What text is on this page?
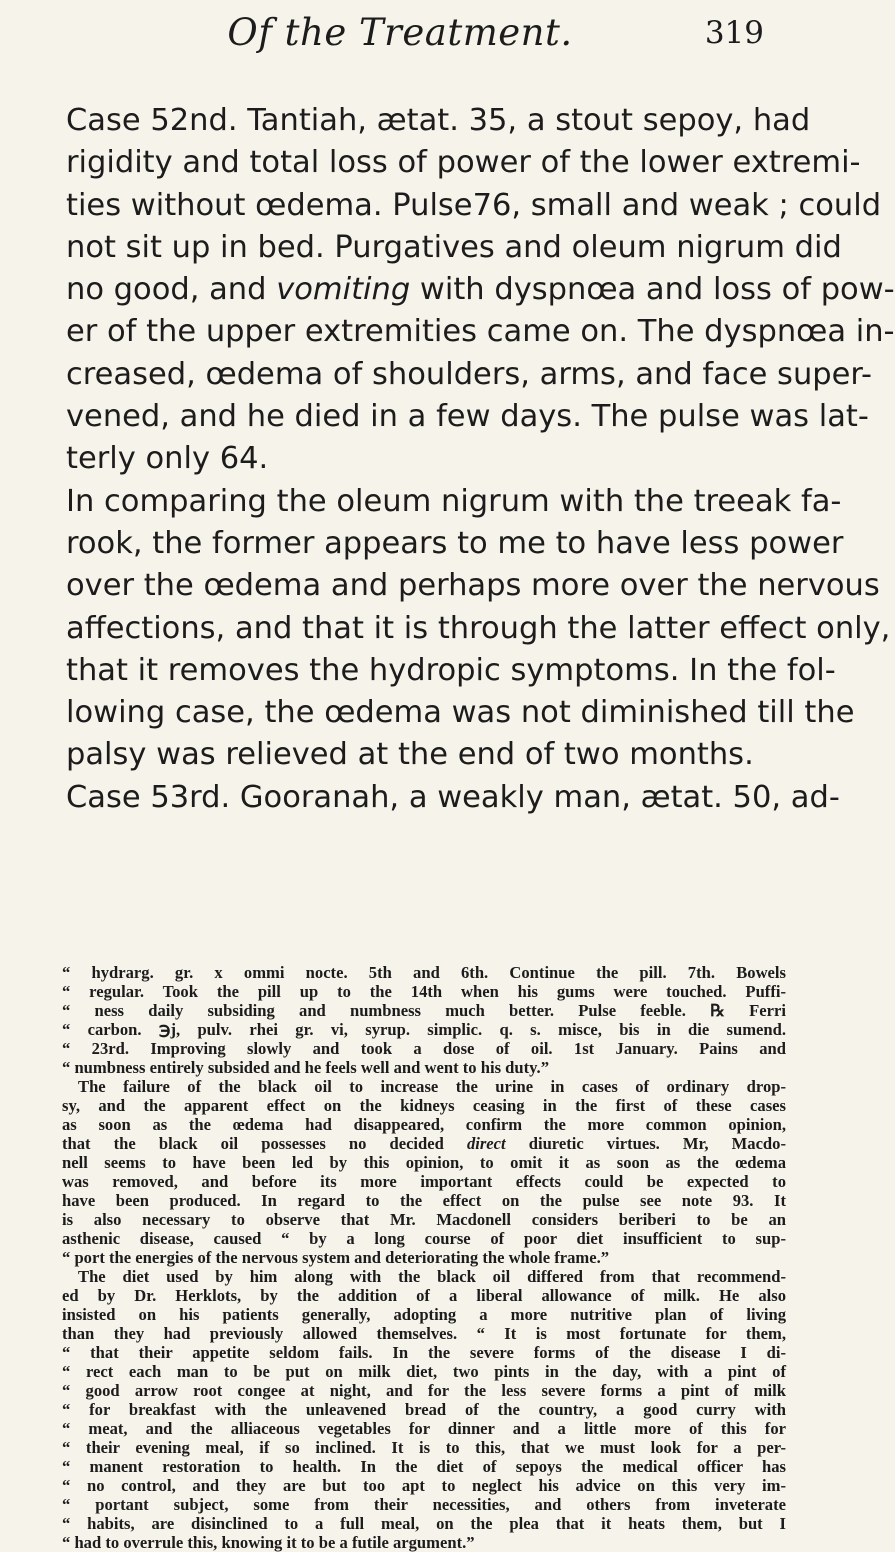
Of the Treatment.	319
Case 52nd. Tantiah, ætat. 35, a stout sepoy, had
rigidity and total loss of power of the lower extremi-
ties without œdema. Pulse76, small and weak ; could
not sit up in bed. Purgatives and oleum nigrum did
no good, and vomiting with dyspnœa and loss of pow-
er of the upper extremities came on. The dyspnœa in-
creased, œdema of shoulders, arms, and face super-
vened, and he died in a few days. The pulse was lat-
terly only 64.
In comparing the oleum nigrum with the treeak fa-
rook, the former appears to me to have less power
over the œdema and perhaps more over the nervous
affections, and that it is through the latter effect only,
that it removes the hydropic symptoms. In the fol-
lowing case, the œdema was not diminished till the
palsy was relieved at the end of two months.
Case 53rd. Gooranah, a weakly man, ætat. 50, ad-
“ hydrarg. gr. x ommi nocte. 5th and 6th. Continue the pill. 7th. Bowels
“ regular. Took the pill up to the 14th when his gums were touched. Puffi-
“ ness daily subsiding and numbness much better. Pulse feeble. ℞ Ferri
“ carbon. ℈j, pulv. rhei gr. vi, syrup. simplic. q. s. misce, bis in die sumend.
“ 23rd. Improving slowly and took a dose of oil. 1st January. Pains and
“ numbness entirely subsided and he feels well and went to his duty.”
The failure of the black oil to increase the urine in cases of ordinary drop-
sy, and the apparent effect on the kidneys ceasing in the first of these cases
as soon as the œdema had disappeared, confirm the more common opinion,
that the black oil possesses no decided direct diuretic virtues. Mr, Macdo-
nell seems to have been led by this opinion, to omit it as soon as the œdema
was removed, and before its more important effects could be expected to
have been produced. In regard to the effect on the pulse see note 93. It
is also necessary to observe that Mr. Macdonell considers beriberi to be an
asthenic disease, caused “ by a long course of poor diet insufficient to sup-
“ port the energies of the nervous system and deteriorating the whole frame.”
The diet used by him along with the black oil differed from that recommend-
ed by Dr. Herklots, by the addition of a liberal allowance of milk. He also
insisted on his patients generally, adopting a more nutritive plan of living
than they had previously allowed themselves. “ It is most fortunate for them,
“ that their appetite seldom fails. In the severe forms of the disease I di-
“ rect each man to be put on milk diet, two pints in the day, with a pint of
“ good arrow root congee at night, and for the less severe forms a pint of milk
“ for breakfast with the unleavened bread of the country, a good curry with
“ meat, and the alliaceous vegetables for dinner and a little more of this for
“ their evening meal, if so inclined. It is to this, that we must look for a per-
“ manent restoration to health. In the diet of sepoys the medical officer has
“ no control, and they are but too apt to neglect his advice on this very im-
“ portant subject, some from their necessities, and others from inveterate
“ habits, are disinclined to a full meal, on the plea that it heats them, but I
“ had to overrule this, knowing it to be a futile argument.”
